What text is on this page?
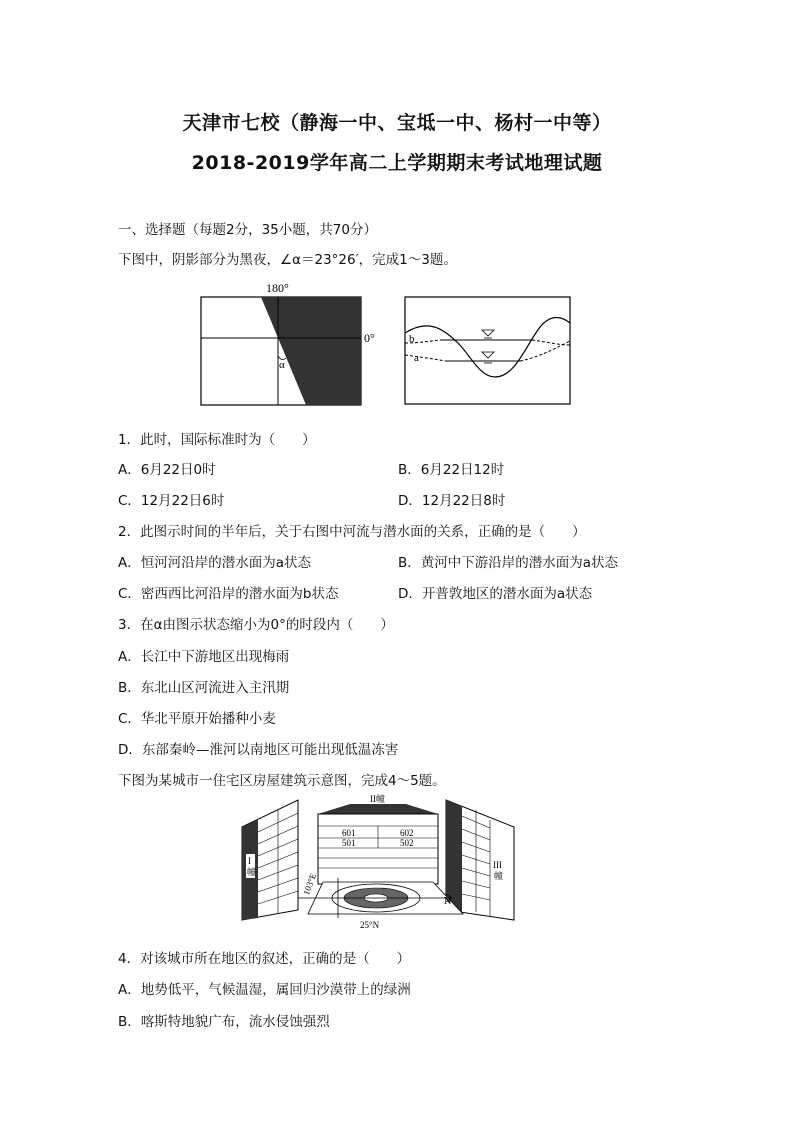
天津市七校（静海一中、宝坻一中、杨村一中等）
2018-2019学年高二上学期期末考试地理试题
一、选择题（每题2分，35小题，共70分）
下图中，阴影部分为黑夜，∠α＝23°26′，完成1～3题。
180°
0°
α
b
a
1．此时，国际标准时为（　　）
A．6月22日0时	B．6月22日12时
C．12月22日6时	D．12月22日8时
2．此图示时间的半年后，关于右图中河流与潜水面的关系，正确的是（　　）
A．恒河河沿岸的潜水面为a状态	B．黄河中下游沿岸的潜水面为a状态
C．密西西比河沿岸的潜水面为b状态	D．开普敦地区的潜水面为a状态
3．在α由图示状态缩小为0°的时段内（　　）
A．长江中下游地区出现梅雨
B．东北山区河流进入主汛期
C．华北平原开始播种小麦
D．东部秦岭—淮河以南地区可能出现低温冻害
下图为某城市一住宅区房屋建筑示意图，完成4～5题。
I 幢
II幢
601	602
501	502
III 幢
N
103°E
25°N
4．对该城市所在地区的叙述，正确的是（　　）
A．地势低平，气候温湿，属回归沙漠带上的绿洲
B．喀斯特地貌广布，流水侵蚀强烈
